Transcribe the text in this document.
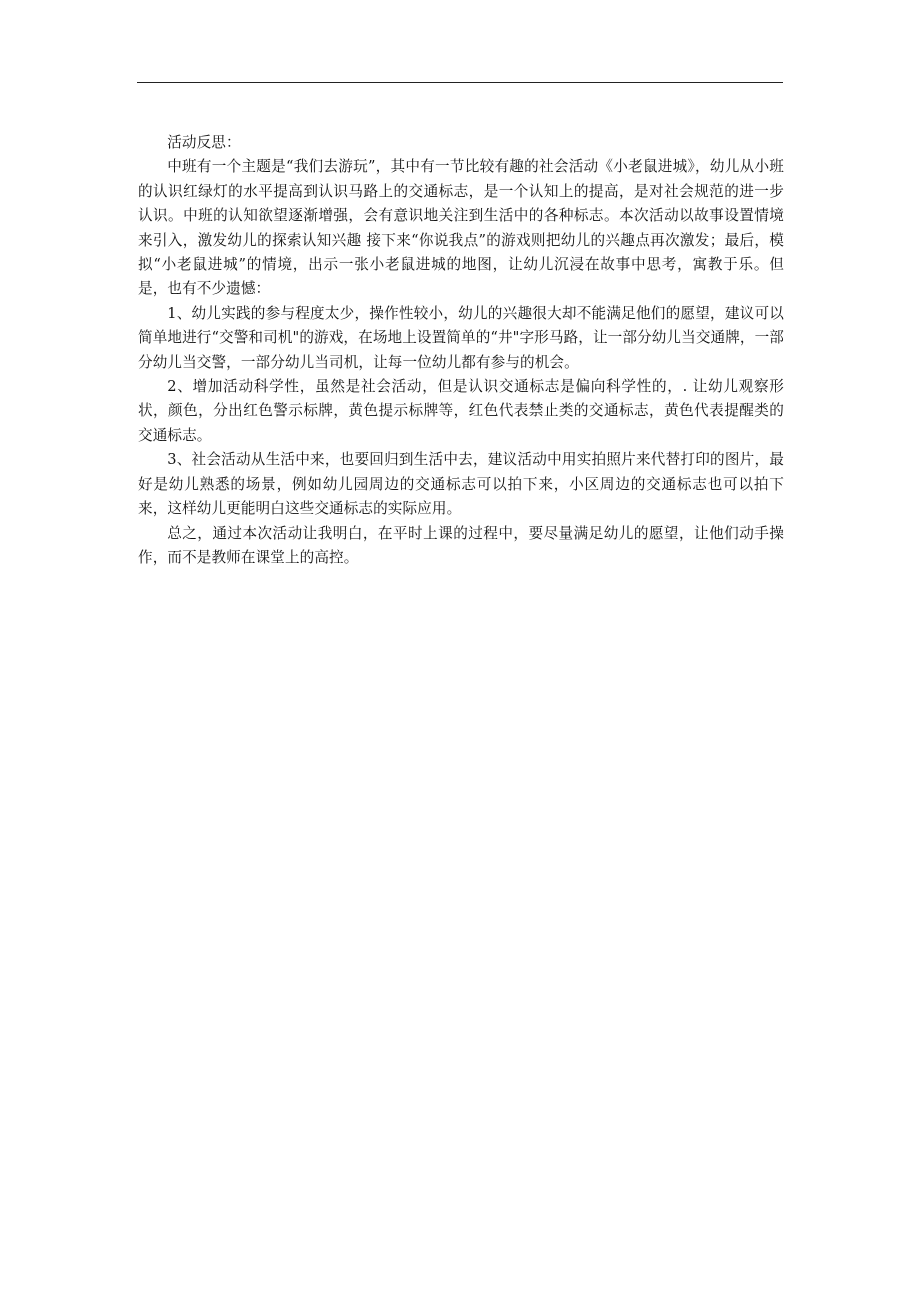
活动反思：

中班有一个主题是“我们去游玩”，其中有一节比较有趣的社会活动《小老鼠进城》，幼儿从小班的认识红绿灯的水平提高到认识马路上的交通标志，是一个认知上的提高，是对社会规范的进一步认识。中班的认知欲望逐渐增强，会有意识地关注到生活中的各种标志。本次活动以故事设置情境来引入，激发幼儿的探索认知兴趣 接下来“你说我点”的游戏则把幼儿的兴趣点再次激发；最后，模拟“小老鼠进城”的情境，出示一张小老鼠进城的地图，让幼儿沉浸在故事中思考，寓教于乐。但是，也有不少遗憾：

1、幼儿实践的参与程度太少，操作性较小，幼儿的兴趣很大却不能满足他们的愿望，建议可以简单地进行“交警和司机"的游戏，在场地上设置简单的“井"字形马路，让一部分幼儿当交通牌，一部分幼儿当交警，一部分幼儿当司机，让每一位幼儿都有参与的机会。

2、增加活动科学性，虽然是社会活动，但是认识交通标志是偏向科学性的，. 让幼儿观察形状，颜色，分出红色警示标牌，黄色提示标牌等，红色代表禁止类的交通标志，黄色代表提醒类的交通标志。

3、社会活动从生活中来，也要回归到生活中去，建议活动中用实拍照片来代替打印的图片，最好是幼儿熟悉的场景，例如幼儿园周边的交通标志可以拍下来，小区周边的交通标志也可以拍下来，这样幼儿更能明白这些交通标志的实际应用。

总之，通过本次活动让我明白，在平时上课的过程中，要尽量满足幼儿的愿望，让他们动手操作，而不是教师在课堂上的高控。
